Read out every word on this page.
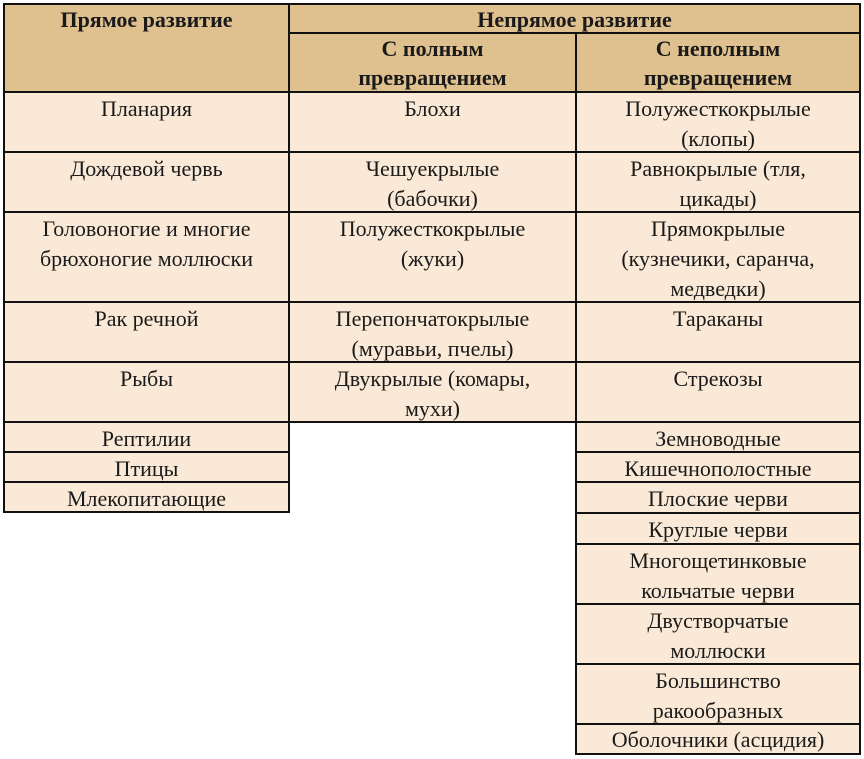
Прямое развитие	Непрямое развитие
С полным превращением
С неполным превращением
Планария
Дождевой червь
Головоногие и многие брюхоногие моллюски
Рак речной
Рыбы
Рептилии
Птицы
Млекопитающие
Блохи
Чешуекрылые (бабочки)
Полужесткокрылые (жуки)
Перепончатокрылые (муравьи, пчелы)
Двукрылые (комары, мухи)
Полужесткокрылые (клопы)
Равнокрылые (тля, цикады)
Прямокрылые (кузнечики, саранча, медведки)
Тараканы
Стрекозы
Земноводные
Кишечнополостные
Плоские черви
Круглые черви
Многощетинковые кольчатые черви
Двустворчатые моллюски
Большинство ракообразных
Оболочники (асцидия)
